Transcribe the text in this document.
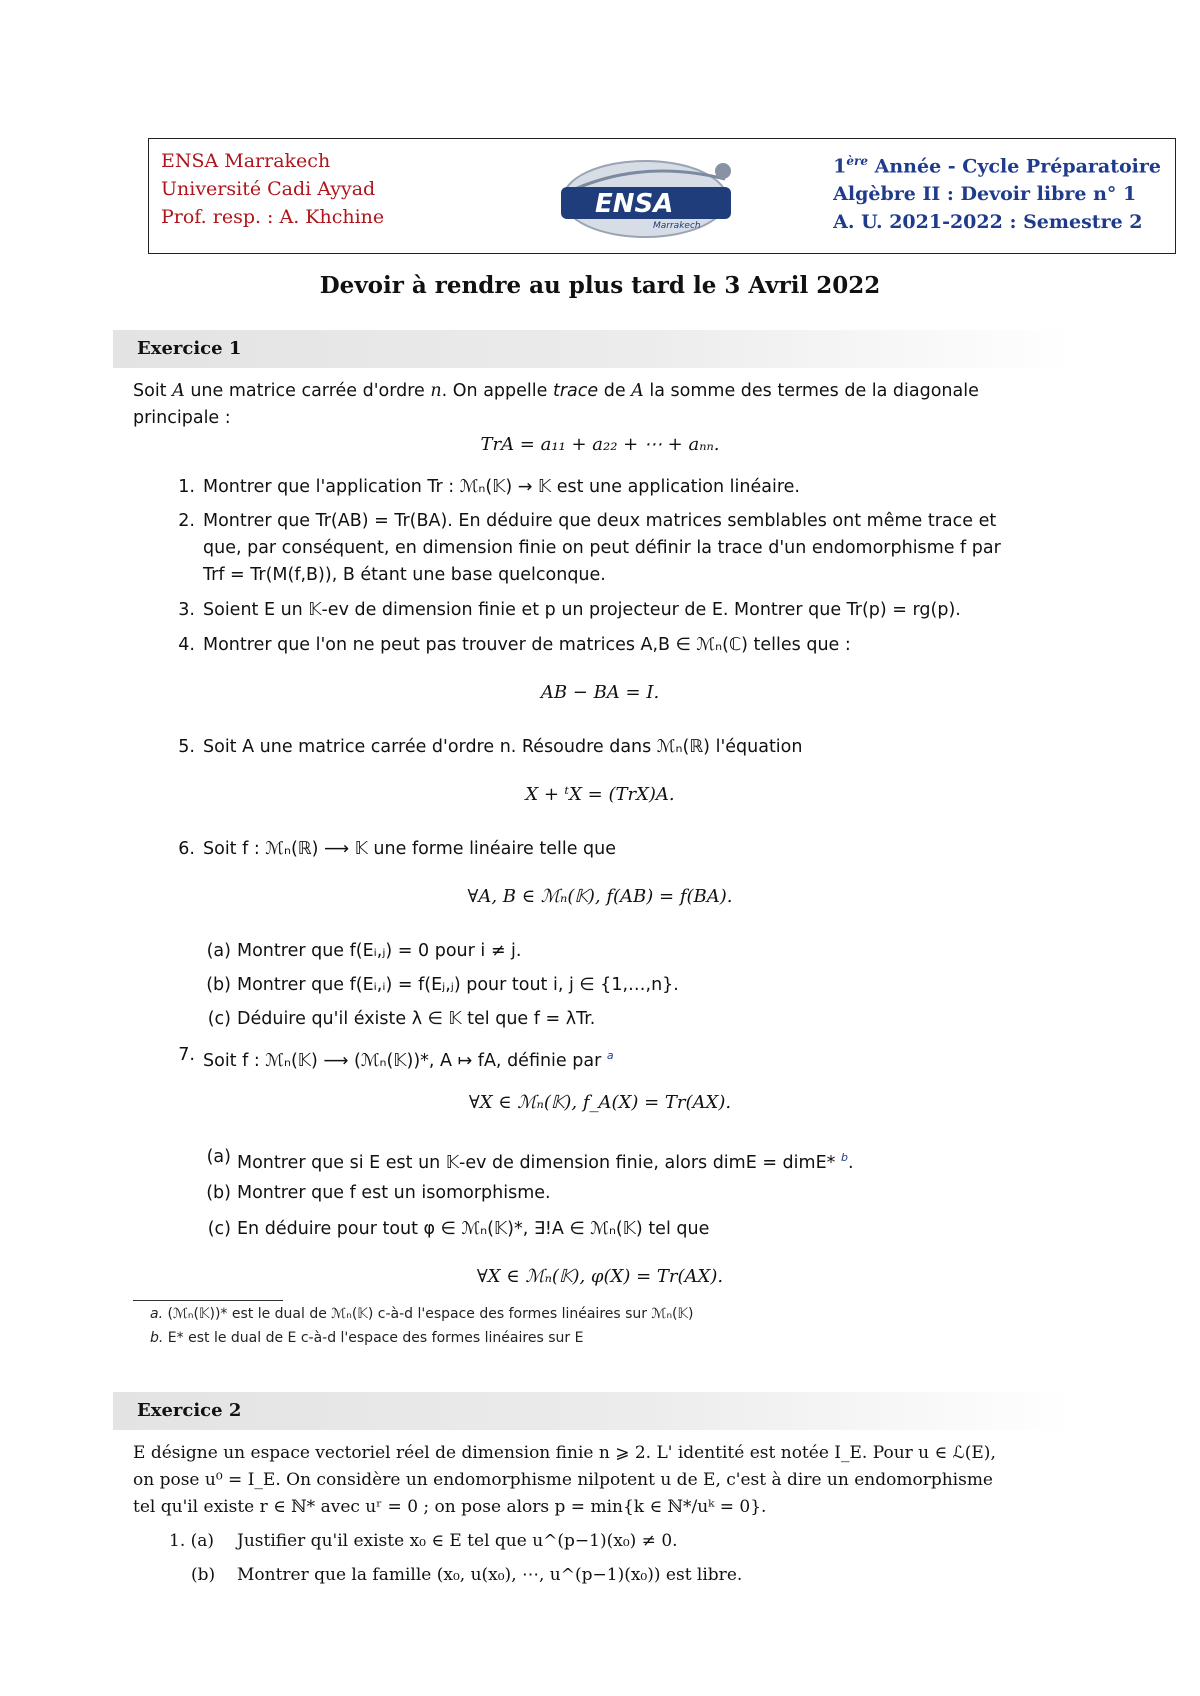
ENSA Marrakech
Université Cadi Ayyad
Prof. resp. : A. Khchine	ENSA
Marrakech
1ère Année - Cycle Préparatoire
Algèbre II : Devoir libre n° 1
A. U. 2021-2022 : Semestre 2
Devoir à rendre au plus tard le 3 Avril 2022
Exercice 1
Soit A une matrice carrée d'ordre n. On appelle trace de A la somme des termes de la diagonale
principale :
TrA = a₁₁ + a₂₂ + ⋯ + aₙₙ.
1. Montrer que l'application Tr : ℳₙ(𝕂) → 𝕂 est une application linéaire.
2. Montrer que Tr(AB) = Tr(BA). En déduire que deux matrices semblables ont même trace et
que, par conséquent, en dimension finie on peut définir la trace d'un endomorphisme f par
Trf = Tr(M(f,B)), B étant une base quelconque.
3. Soient E un 𝕂-ev de dimension finie et p un projecteur de E. Montrer que Tr(p) = rg(p).
4. Montrer que l'on ne peut pas trouver de matrices A,B ∈ ℳₙ(ℂ) telles que :
AB − BA = I.
5. Soit A une matrice carrée d'ordre n. Résoudre dans ℳₙ(ℝ) l'équation
X + ᵗX = (TrX)A.
6. Soit f : ℳₙ(ℝ) ⟶ 𝕂 une forme linéaire telle que
∀A, B ∈ ℳₙ(𝕂), f(AB) = f(BA).
(a) Montrer que f(Eᵢ,ⱼ) = 0 pour i ≠ j.
(b) Montrer que f(Eᵢ,ᵢ) = f(Eⱼ,ⱼ) pour tout i, j ∈ {1,…,n}.
(c) Déduire qu'il éxiste λ ∈ 𝕂 tel que f = λTr.
7. Soit f : ℳₙ(𝕂) ⟶ (ℳₙ(𝕂))*, A ↦ fA, définie par $^a$
∀X ∈ ℳₙ(𝕂), f_A(X) = Tr(AX).
(a) Montrer que si E est un 𝕂-ev de dimension finie, alors dimE = dimE* $^b$.
(b) Montrer que f est un isomorphisme.
(c) En déduire pour tout φ ∈ ℳₙ(𝕂)*, ∃!A ∈ ℳₙ(𝕂) tel que
∀X ∈ ℳₙ(𝕂), φ(X) = Tr(AX).
a. (ℳₙ(𝕂))* est le dual de ℳₙ(𝕂) c-à-d l'espace des formes linéaires sur ℳₙ(𝕂)
b. E* est le dual de E c-à-d l'espace des formes linéaires sur E
Exercice 2
E désigne un espace vectoriel réel de dimension finie n ⩾ 2. L' identité est notée I_E. Pour u ∈ ℒ(E),
on pose u⁰ = I_E. On considère un endomorphisme nilpotent u de E, c'est à dire un endomorphisme
tel qu'il existe r ∈ ℕ* avec uʳ = 0 ; on pose alors p = min{k ∈ ℕ*/uᵏ = 0}.
1. (a) Justifier qu'il existe x₀ ∈ E tel que u^(p−1)(x₀) ≠ 0.
(b) Montrer que la famille (x₀, u(x₀), ⋯, u^(p−1)(x₀)) est libre.
